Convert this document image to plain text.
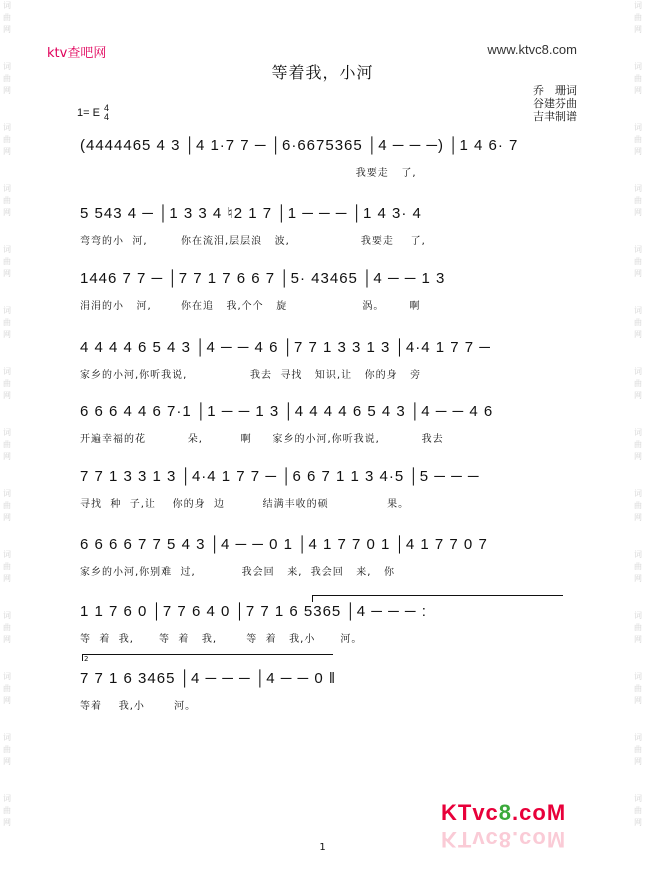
词
曲
网
词
曲
网
词
曲
网
词
曲
网
词
曲
网
词
曲
网
词
曲
网
词
曲
网
词
曲
网
词
曲
网
词
曲
网
词
曲
网
词
曲
网
词
曲
网
词
曲
网
词
曲
网
词
曲
网
词
曲
网
词
曲
网
词
曲
网
词
曲
网
词
曲
网
词
曲
网
词
曲
网
词
曲
网
词
曲
网
词
曲
网
词
曲
网
ktv查吧网	www.ktvc8.com
等着我，小河
乔　珊词
谷建芬曲
吉聿制谱
1= E 4
4
(4444465 4 3 │4 1·7 7 ─ │6·6675365 │4 ─ ─ ─) │1 4 6· 7
我要走   了,
5 543 4 ─ │1 3 3 4 ♮2 1 7 │1 ─ ─ ─ │1 4 3· 4
弯弯的小  河,        你在流泪,层层浪   波,                 我要走    了,
1446 7 7 ─ │7 7 1 7 6 6 7 │5· 43465 │4 ─ ─ 1 3
涓涓的小   河,       你在追   我,个个   旋                  涡。      啊
4 4 4 4 6 5 4 3 │4 ─ ─ 4 6 │7 7 1 3 3 1 3 │4·4 1 7 7 ─
家乡的小河,你听我说,               我去  寻找   知识,让   你的身   旁
6 6 6 4 4 6 7·1 │1 ─ ─ 1 3 │4 4 4 4 6 5 4 3 │4 ─ ─ 4 6
开遍幸福的花          朵,         啊     家乡的小河,你听我说,          我去
7 7 1 3 3 1 3 │4·4 1 7 7 ─ │6 6 7 1 1 3 4·5 │5 ─ ─ ─
寻找  种  子,让    你的身  边         结满丰收的硕              果。
6 6 6 6 7 7 5 4 3 │4 ─ ─ 0 1 │4 1 7 7 0 1 │4 1 7 7 0 7
家乡的小河,你别难  过,           我会回   来,  我会回   来,   你
1 1 7 6 0 │7 7 6 4 0 │7 7 1 6 5365 │4 ─ ─ ─ :
等  着  我,      等  着   我,       等  着   我,小      河。
2
7 7 1 6 3465 │4 ─ ─ ─ │4 ─ ─ 0 ‖
等着    我,小       河。
1
KTvc8.coM
KTvc8.coM
